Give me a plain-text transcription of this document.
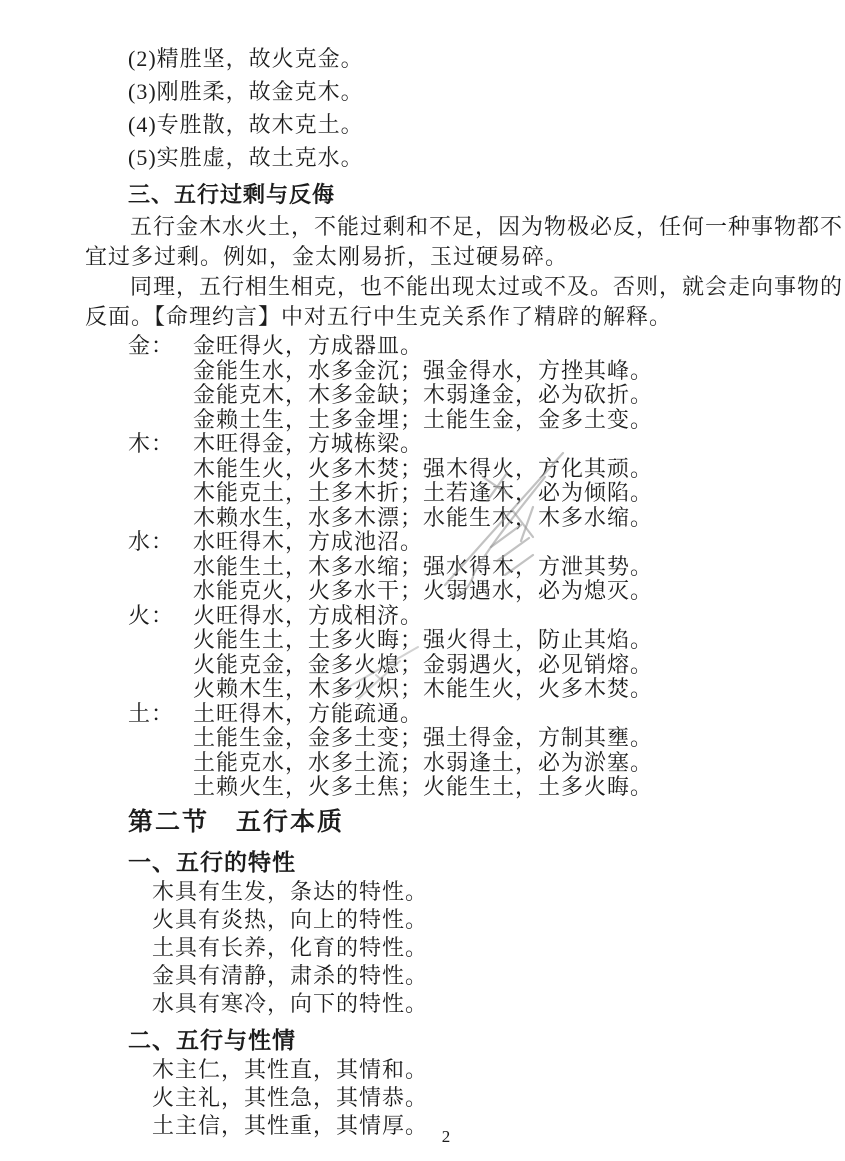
(2)精胜坚，故火克金。
(3)刚胜柔，故金克木。
(4)专胜散，故木克土。
(5)实胜虚，故土克水。
三、五行过剩与反侮
五行金木水火土，不能过剩和不足，因为物极必反，任何一种事物都不
宜过多过剩。例如，金太刚易折，玉过硬易碎。
同理，五行相生相克，也不能出现太过或不及。否则，就会走向事物的
反面。【命理约言】中对五行中生克关系作了精辟的解释。
金： 金旺得火，方成器皿。
金能生水，水多金沉；强金得水，方挫其峰。
金能克木，木多金缺；木弱逢金，必为砍折。
金赖土生，土多金埋；土能生金，金多土变。
木： 木旺得金，方城栋梁。
木能生火，火多木焚；强木得火，方化其顽。
木能克土，土多木折；土若逢木，必为倾陷。
木赖水生，水多木漂；水能生木，木多水缩。
水： 水旺得木，方成池沼。
水能生土，木多水缩；强水得木，方泄其势。
水能克火，火多水干；火弱遇水，必为熄灭。
火： 火旺得水，方成相济。
火能生土，土多火晦；强火得土，防止其焰。
火能克金，金多火熄；金弱遇火，必见销熔。
火赖木生，木多火炽；木能生火，火多木焚。
土： 土旺得木，方能疏通。
土能生金，金多土变；强土得金，方制其壅。
土能克水，水多土流；水弱逢土，必为淤塞。
土赖火生，火多土焦；火能生土，土多火晦。
第二节　五行本质
一、五行的特性
木具有生发，条达的特性。
火具有炎热，向上的特性。
土具有长养，化育的特性。
金具有清静，肃杀的特性。
水具有寒冷，向下的特性。
二、五行与性情
木主仁，其性直，其情和。
火主礼，其性急，其情恭。
土主信，其性重，其情厚。 2
